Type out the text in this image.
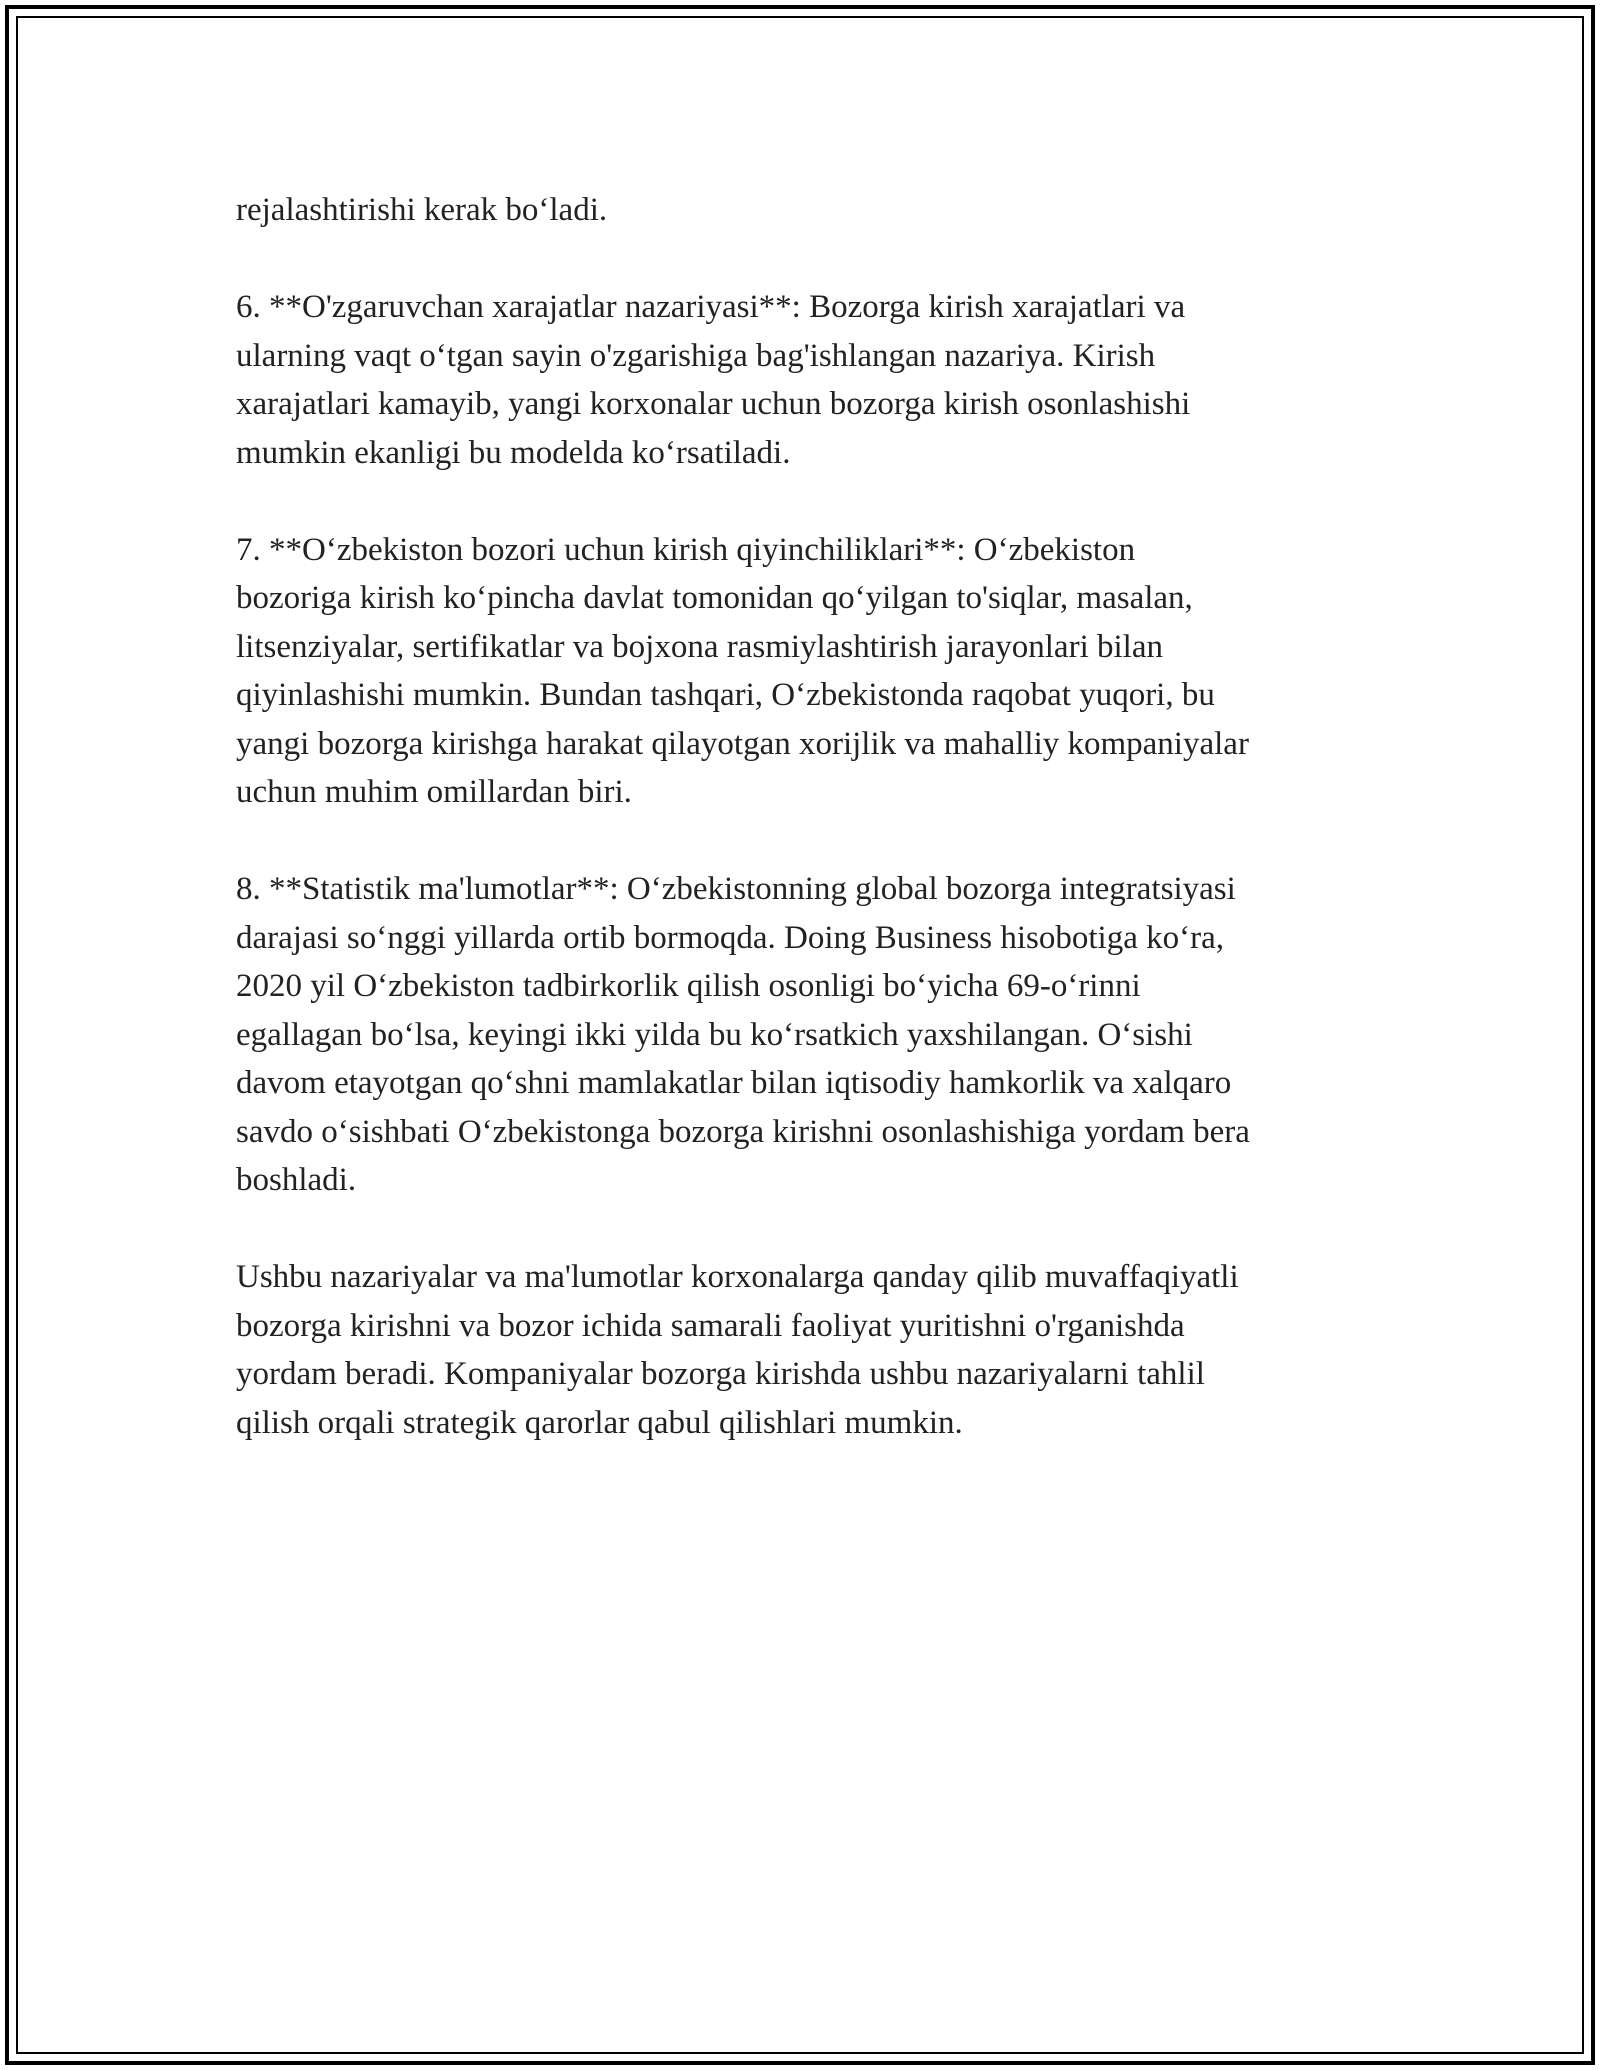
rejalashtirishi kerak bo‘ladi.

6. **O'zgaruvchan xarajatlar nazariyasi**: Bozorga kirish xarajatlari va
ularning vaqt o‘tgan sayin o'zgarishiga bag'ishlangan nazariya. Kirish
xarajatlari kamayib, yangi korxonalar uchun bozorga kirish osonlashishi
mumkin ekanligi bu modelda ko‘rsatiladi.

7. **O‘zbekiston bozori uchun kirish qiyinchiliklari**: O‘zbekiston
bozoriga kirish ko‘pincha davlat tomonidan qo‘yilgan to'siqlar, masalan,
litsenziyalar, sertifikatlar va bojxona rasmiylashtirish jarayonlari bilan
qiyinlashishi mumkin. Bundan tashqari, O‘zbekistonda raqobat yuqori, bu
yangi bozorga kirishga harakat qilayotgan xorijlik va mahalliy kompaniyalar
uchun muhim omillardan biri.

8. **Statistik ma'lumotlar**: O‘zbekistonning global bozorga integratsiyasi
darajasi so‘nggi yillarda ortib bormoqda. Doing Business hisobotiga ko‘ra,
2020 yil O‘zbekiston tadbirkorlik qilish osonligi bo‘yicha 69-o‘rinni
egallagan bo‘lsa, keyingi ikki yilda bu ko‘rsatkich yaxshilangan. O‘sishi
davom etayotgan qo‘shni mamlakatlar bilan iqtisodiy hamkorlik va xalqaro
savdo o‘sishbati O‘zbekistonga bozorga kirishni osonlashishiga yordam bera
boshladi.

Ushbu nazariyalar va ma'lumotlar korxonalarga qanday qilib muvaffaqiyatli
bozorga kirishni va bozor ichida samarali faoliyat yuritishni o'rganishda
yordam beradi. Kompaniyalar bozorga kirishda ushbu nazariyalarni tahlil
qilish orqali strategik qarorlar qabul qilishlari mumkin.
